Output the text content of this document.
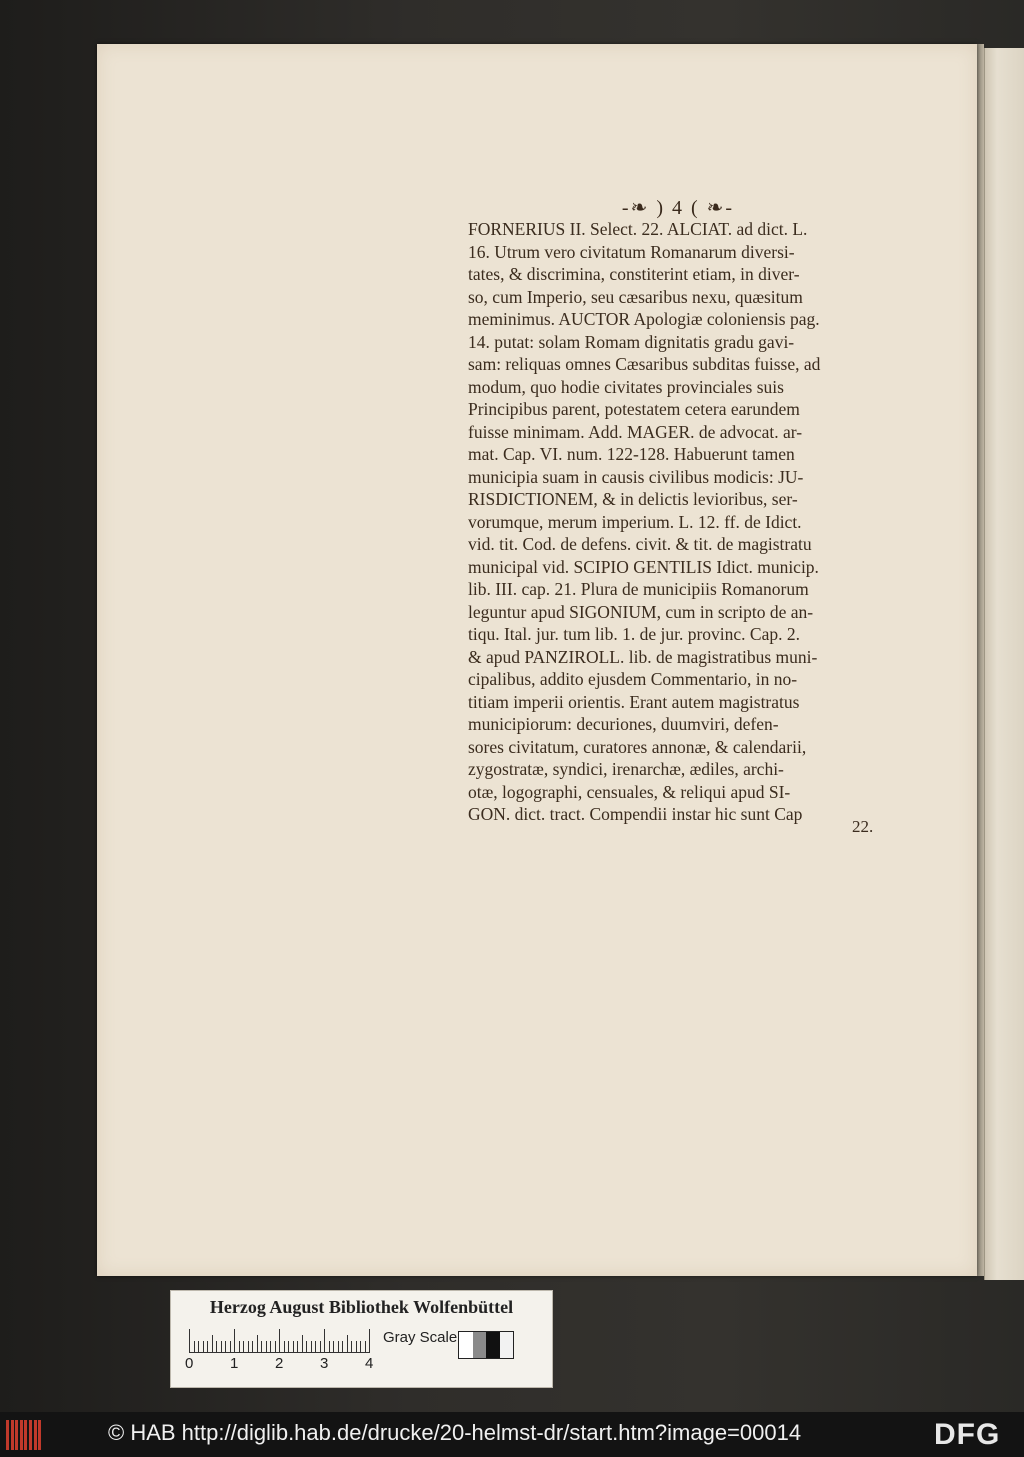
-❧ ) 4 ( ❧-
FORNERIUS II. Select. 22. ALCIAT. ad dict. L.
16. Utrum vero civitatum Romanarum diversi-
tates, & discrimina, constiterint etiam, in diver-
so, cum Imperio, seu cæsaribus nexu, quæsitum
meminimus. AUCTOR Apologiæ coloniensis pag.
14. putat: solam Romam dignitatis gradu gavi-
sam: reliquas omnes Cæsaribus subditas fuisse, ad
modum, quo hodie civitates provinciales suis
Principibus parent, potestatem cetera earundem
fuisse minimam. Add. MAGER. de advocat. ar-
mat. Cap. VI. num. 122-128. Habuerunt tamen
municipia suam in causis civilibus modicis: JU-
RISDICTIONEM, & in delictis levioribus, ser-
vorumque, merum imperium. L. 12. ff. de Idict.
vid. tit. Cod. de defens. civit. & tit. de magistratu
municipal vid. SCIPIO GENTILIS Idict. municip.
lib. III. cap. 21. Plura de municipiis Romanorum
leguntur apud SIGONIUM, cum in scripto de an-
tiqu. Ital. jur. tum lib. 1. de jur. provinc. Cap. 2.
& apud PANZIROLL. lib. de magistratibus muni-
cipalibus, addito ejusdem Commentario, in no-
titiam imperii orientis. Erant autem magistratus
municipiorum: decuriones, duumviri, defen-
sores civitatum, curatores annonæ, & calendarii,
zygostratæ, syndici, irenarchæ, ædiles, archi-
otæ, logographi, censuales, & reliqui apud SI-
GON. dict. tract. Compendii instar hic sunt Cap
22.
Herzog August Bibliothek Wolfenbüttel
0 1 2 3 4
Gray Scale
© HAB http://diglib.hab.de/drucke/20-helmst-dr/start.htm?image=00014	DFG
